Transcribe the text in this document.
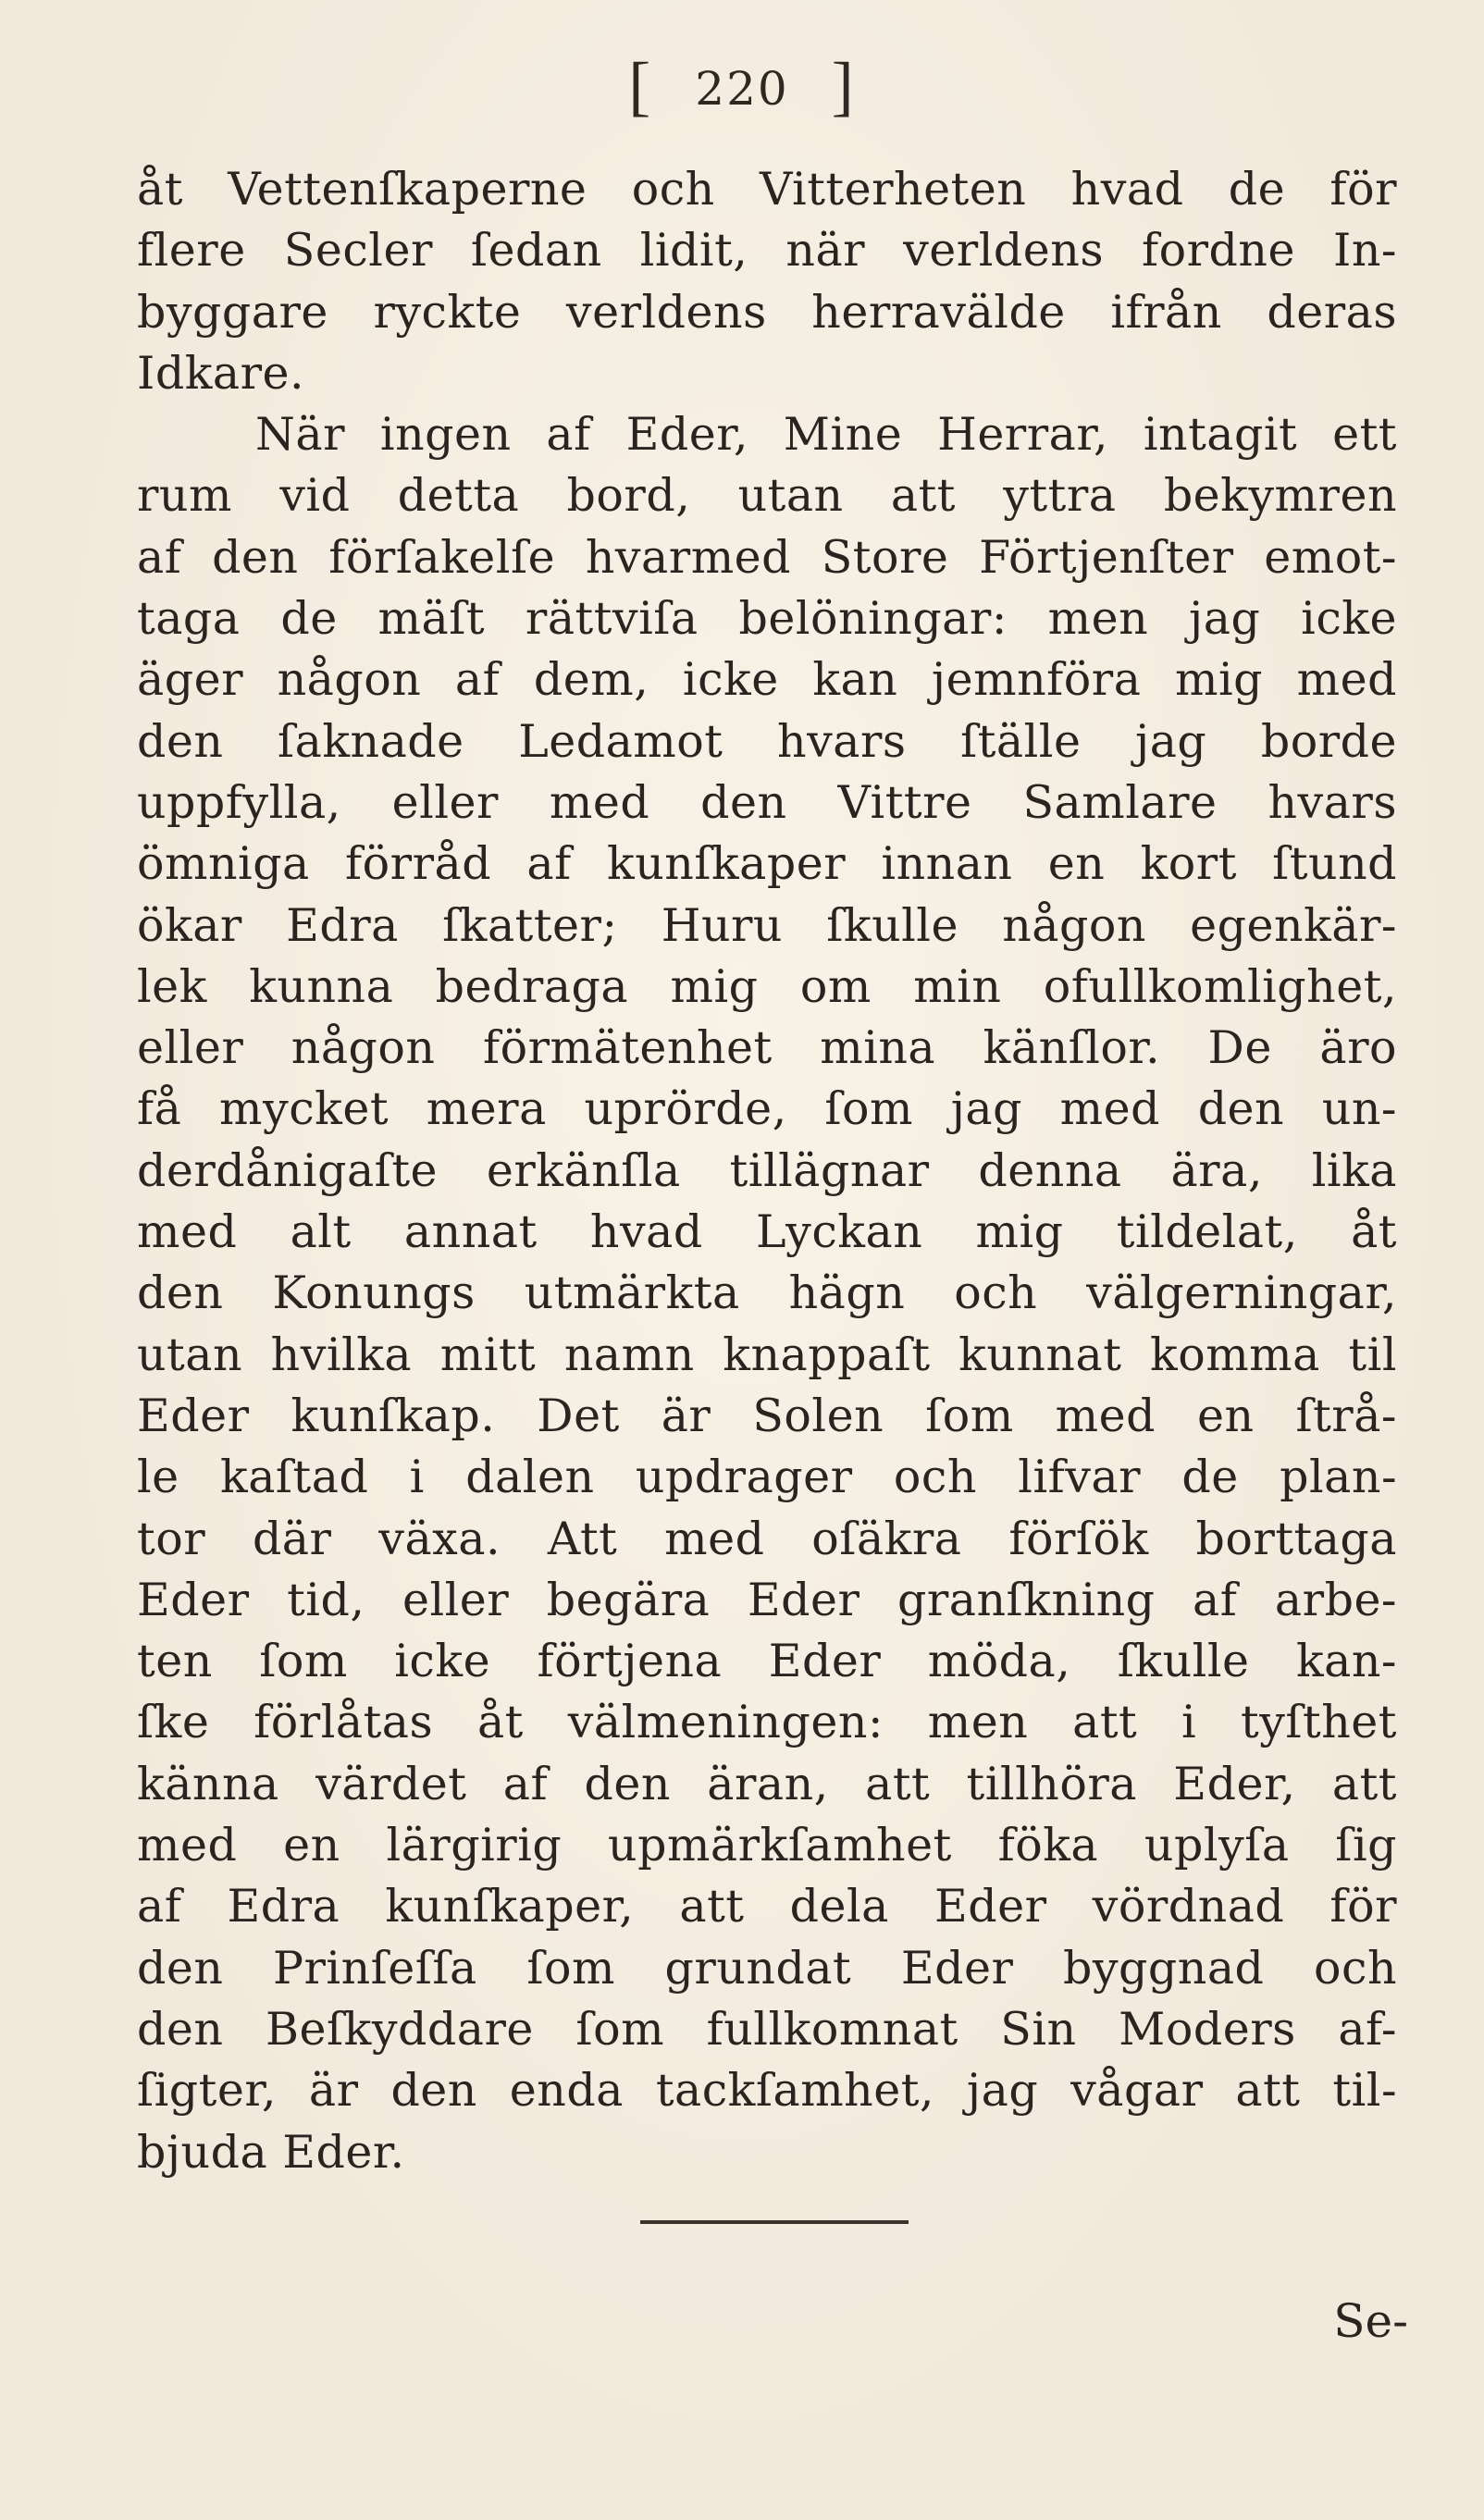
[ 220 ]
åt Vettenſkaperne och Vitterheten hvad de för
flere Secler ſedan lidit, när verldens fordne In-
byggare ryckte verldens herravälde ifrån deras
Idkare.
När ingen af Eder, Mine Herrar, intagit ett
rum vid detta bord, utan att yttra bekymren
af den förſakelſe hvarmed Store Förtjenſter emot-
taga de mäſt rättviſa belöningar: men jag icke
äger någon af dem, icke kan jemnföra mig med
den ſaknade Ledamot hvars ſtälle jag borde
uppfylla, eller med den Vittre Samlare hvars
ömniga förråd af kunſkaper innan en kort ſtund
ökar Edra ſkatter; Huru ſkulle någon egenkär-
lek kunna bedraga mig om min ofullkomlighet,
eller någon förmätenhet mina känſlor. De äro
få mycket mera uprörde, ſom jag med den un-
derdånigaſte erkänſla tillägnar denna ära, lika
med alt annat hvad Lyckan mig tildelat, åt
den Konungs utmärkta hägn och välgerningar,
utan hvilka mitt namn knappaſt kunnat komma til
Eder kunſkap. Det är Solen ſom med en ſtrå-
le kaſtad i dalen updrager och lifvar de plan-
tor där växa. Att med oſäkra förſök borttaga
Eder tid, eller begära Eder granſkning af arbe-
ten ſom icke förtjena Eder möda, ſkulle kan-
ſke förlåtas åt välmeningen: men att i tyſthet
känna värdet af den äran, att tillhöra Eder, att
med en lärgirig upmärkſamhet föka uplyſa ſig
af Edra kunſkaper, att dela Eder vördnad för
den Prinſeſſa ſom grundat Eder byggnad och
den Beſkyddare ſom fullkomnat Sin Moders af-
ſigter, är den enda tackſamhet, jag vågar att til-
bjuda Eder.
Se-
